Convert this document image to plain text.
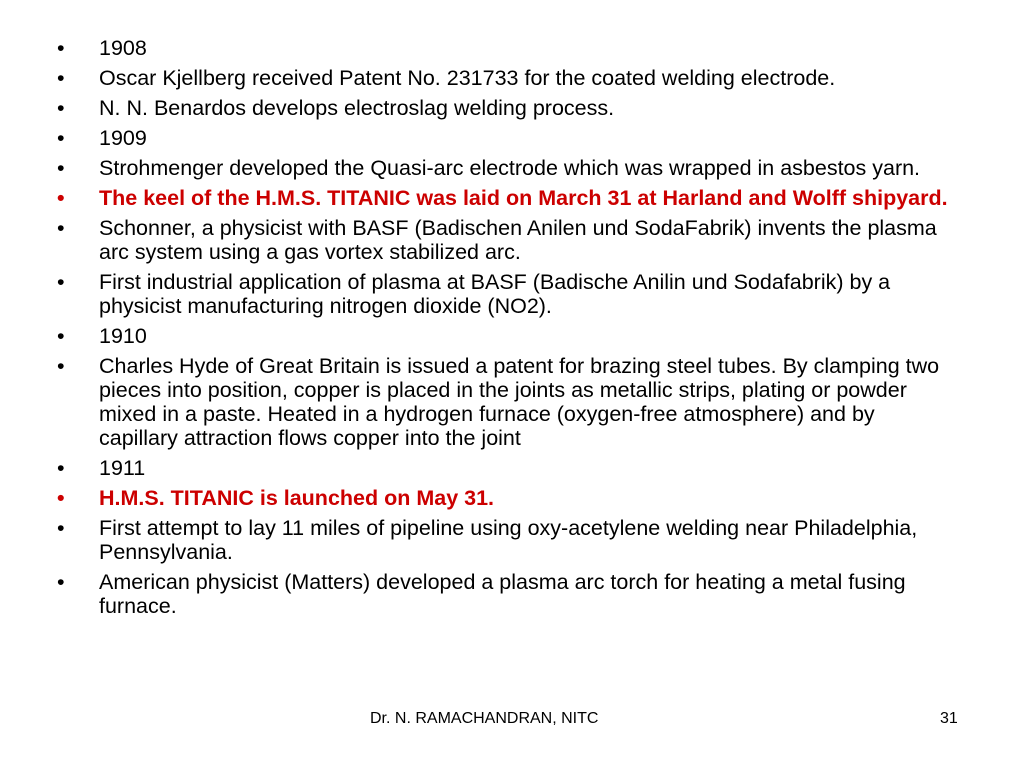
•	1908
•	Oscar Kjellberg received Patent No. 231733 for the coated welding electrode.
•	N. N. Benardos develops electroslag welding process.
•	1909
•	Strohmenger developed the Quasi-arc electrode which was wrapped in asbestos yarn.
•	The keel of the H.M.S. TITANIC was laid on March 31 at Harland and Wolff shipyard.
•	Schonner, a physicist with BASF (Badischen Anilen und SodaFabrik) invents the plasma arc system using a gas vortex stabilized arc.
•	First industrial application of plasma at BASF (Badische Anilin und Sodafabrik) by a physicist manufacturing nitrogen dioxide (NO2).
•	1910
•	Charles Hyde of Great Britain is issued a patent for brazing steel tubes. By clamping two pieces into position, copper is placed in the joints as metallic strips, plating or powder mixed in a paste. Heated in a hydrogen furnace (oxygen-free atmosphere) and by capillary attraction flows copper into the joint
•	1911
•	H.M.S. TITANIC is launched on May 31.
•	First attempt to lay 11 miles of pipeline using oxy-acetylene welding near Philadelphia, Pennsylvania.
•	American physicist (Matters) developed a plasma arc torch for heating a metal fusing furnace.
Dr. N. RAMACHANDRAN, NITC	31
